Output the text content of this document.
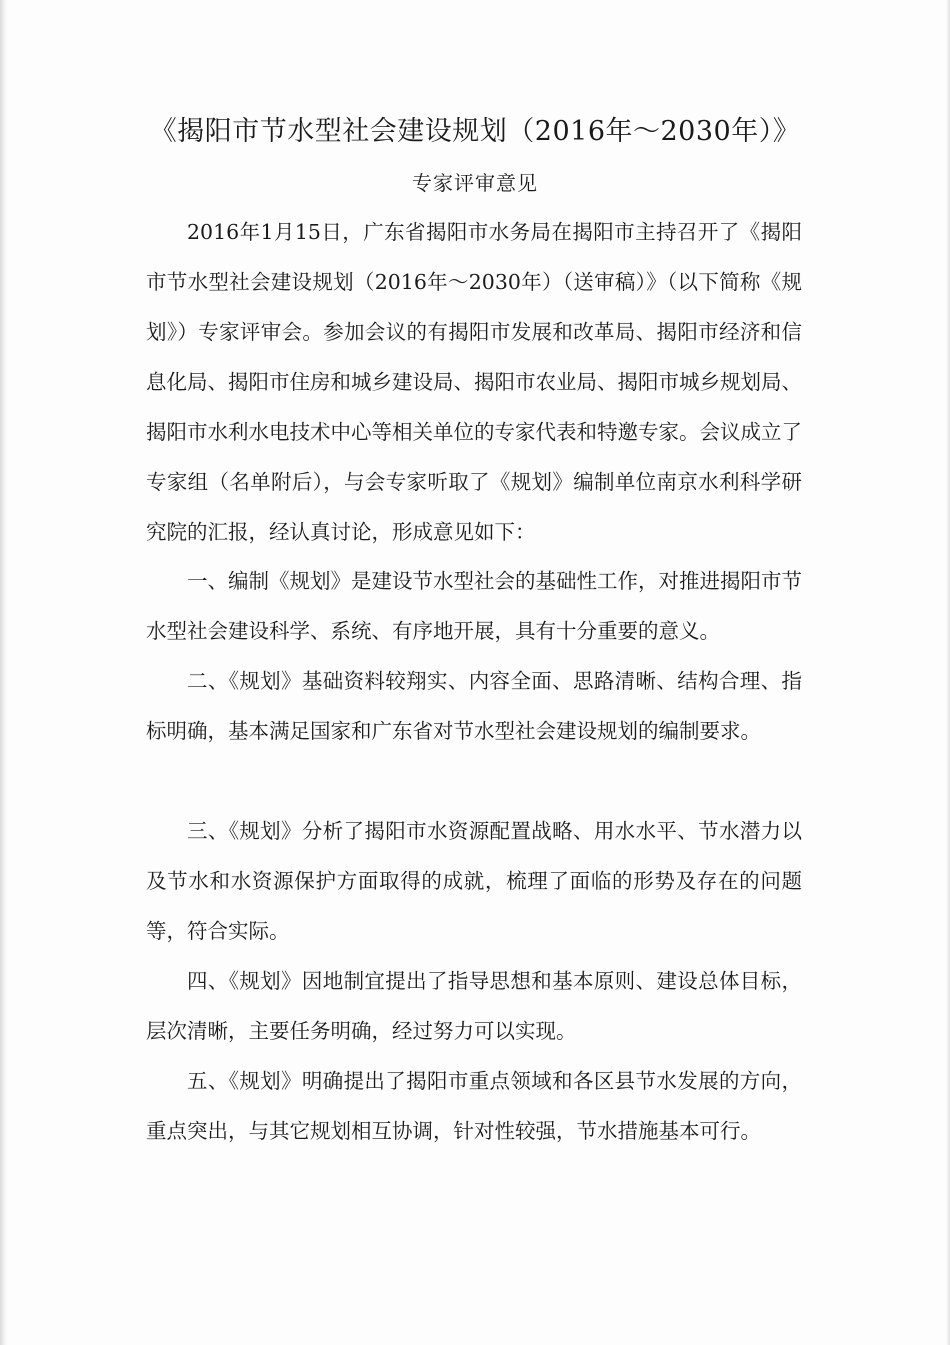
《揭阳市节水型社会建设规划（2016年～2030年）》
专家评审意见

2016年1月15日，广东省揭阳市水务局在揭阳市主持召开了《揭阳市节水型社会建设规划（2016年～2030年）（送审稿）》（以下简称《规划》）专家评审会。参加会议的有揭阳市发展和改革局、揭阳市经济和信息化局、揭阳市住房和城乡建设局、揭阳市农业局、揭阳市城乡规划局、揭阳市水利水电技术中心等相关单位的专家代表和特邀专家。会议成立了专家组（名单附后），与会专家听取了《规划》编制单位南京水利科学研究院的汇报，经认真讨论，形成意见如下：

一、编制《规划》是建设节水型社会的基础性工作，对推进揭阳市节水型社会建设科学、系统、有序地开展，具有十分重要的意义。

二、《规划》基础资料较翔实、内容全面、思路清晰、结构合理、指标明确，基本满足国家和广东省对节水型社会建设规划的编制要求。

三、《规划》分析了揭阳市水资源配置战略、用水水平、节水潜力以及节水和水资源保护方面取得的成就，梳理了面临的形势及存在的问题等，符合实际。

四、《规划》因地制宜提出了指导思想和基本原则、建设总体目标，层次清晰，主要任务明确，经过努力可以实现。

五、《规划》明确提出了揭阳市重点领域和各区县节水发展的方向，重点突出，与其它规划相互协调，针对性较强，节水措施基本可行。
